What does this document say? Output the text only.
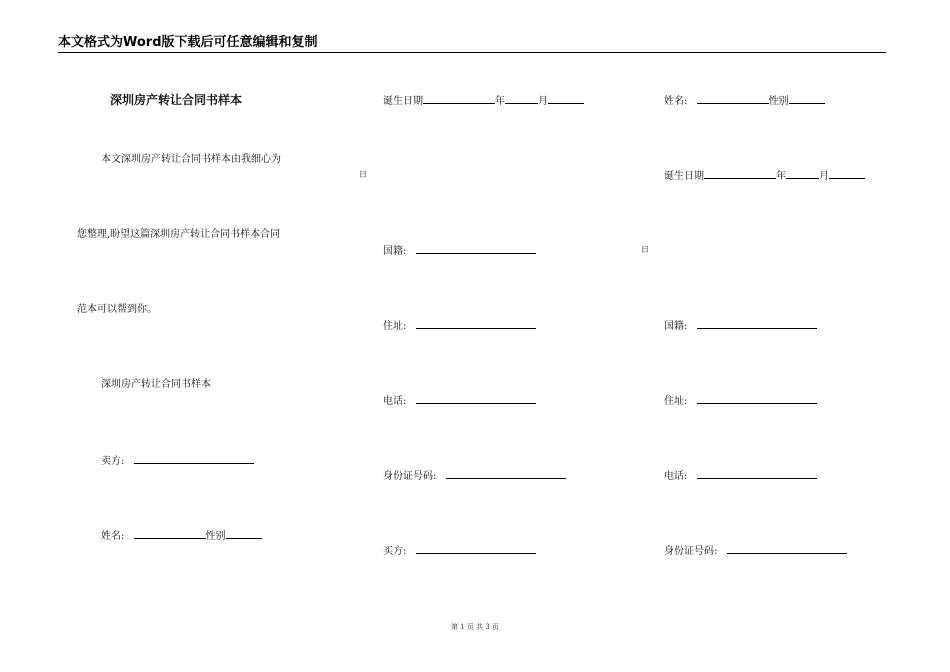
本文格式为Word版下载后可任意编辑和复制
深圳房产转让合同书样本
本文深圳房产转让合同书样本由我细心为
您整理,盼望这篇深圳房产转让合同书样本合同
范本可以帮到你。
深圳房产转让合同书样本
卖方:
姓名:	性别
诞生日期	年	月
日
国籍:
住址:
电话:
身份证号码:
买方:
姓名:	性别
诞生日期	年	月
日
国籍:
住址:
电话:
身份证号码:
第 1 页 共 3 页
